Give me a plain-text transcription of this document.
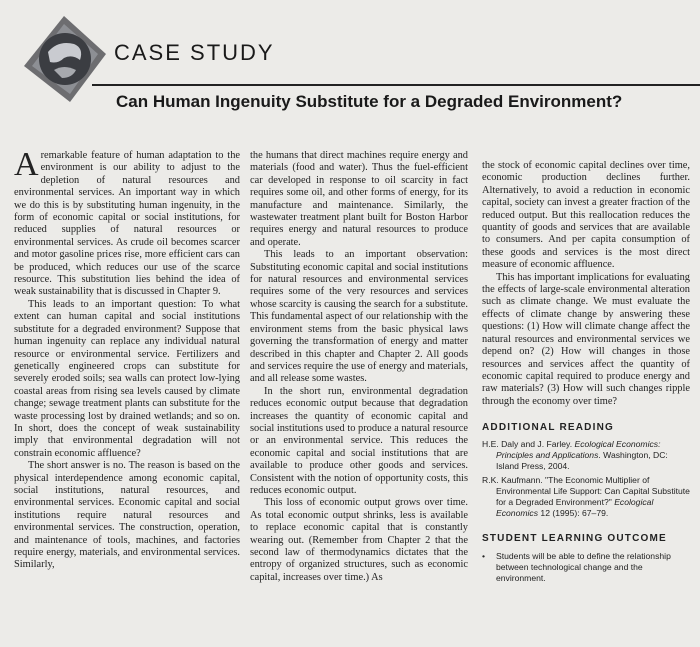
CASE STUDY
Can Human Ingenuity Substitute for a Degraded Environment?

Aremarkable feature of human adaptation to the environment is our ability to adjust to the depletion of natural resources and environmental services. An important way in which we do this is by substituting human ingenuity, in the form of economic capital or social institutions, for reduced supplies of natural resources or environmental services. As crude oil becomes scarcer and motor gasoline prices rise, more efficient cars can be produced, which reduces our use of the scarce resource. This substitution lies behind the idea of weak sustainability that is discussed in Chapter 9.

This leads to an important question: To what extent can human capital and social institutions substitute for a degraded environment? Suppose that human ingenuity can replace any individual natural resource or environmental service. Fertilizers and genetically engineered crops can substitute for severely eroded soils; sea walls can protect low-lying coastal areas from rising sea levels caused by climate change; sewage treatment plants can substitute for the waste processing lost by drained wetlands; and so on. In short, does the concept of weak sustainability imply that environmental degradation will not constrain economic affluence?

The short answer is no. The reason is based on the physical interdependence among economic capital, social institutions, natural resources, and environmental services. Economic capital and social institutions require natural resources and environmental services. The construction, operation, and maintenance of tools, machines, and factories require energy, materials, and environmental services. Similarly,

the humans that direct machines require energy and materials (food and water). Thus the fuel-efficient car developed in response to oil scarcity in fact requires some oil, and other forms of energy, for its manufacture and maintenance. Similarly, the wastewater treatment plant built for Boston Harbor requires energy and natural resources to produce and operate.

This leads to an important observation: Substituting economic capital and social institutions for natural resources and environmental services requires some of the very resources and services whose scarcity is causing the search for a substitute. This fundamental aspect of our relationship with the environment stems from the basic physical laws governing the transformation of energy and matter described in this chapter and Chapter 2. All goods and services require the use of energy and materials, and all release some wastes.

In the short run, environmental degradation reduces economic output because that degradation increases the quantity of economic capital and social institutions used to produce a natural resource or an environmental service. This reduces the economic capital and social institutions that are available to produce other goods and services. Consistent with the notion of opportunity costs, this reduces economic output.

This loss of economic output grows over time. As total economic output shrinks, less is available to replace economic capital that is constantly wearing out. (Remember from Chapter 2 that the second law of thermodynamics dictates that the entropy of organized structures, such as economic capital, increases over time.) As

the stock of economic capital declines over time, economic production declines further. Alternatively, to avoid a reduction in economic capital, society can invest a greater fraction of the reduced output. But this reallocation reduces the quantity of goods and services that are available to consumers. And per capita consumption of these goods and services is the most direct measure of economic affluence.

This has important implications for evaluating the effects of large-scale environmental alteration such as climate change. We must evaluate the effects of climate change by answering these questions: (1) How will climate change affect the natural resources and environmental services we depend on? (2) How will changes in those resources and services affect the quantity of economic capital required to produce energy and raw materials? (3) How will such changes ripple through the economy over time?

ADDITIONAL READING
H.E. Daly and J. Farley. Ecological Economics: Principles and Applications. Washington, DC: Island Press, 2004.
R.K. Kaufmann. "The Economic Multiplier of Environmental Life Support: Can Capital Substitute for a Degraded Environment?" Ecological Economics 12 (1995): 67–79.
STUDENT LEARNING OUTCOME
•	Students will be able to define the relationship between technological change and the environment.
